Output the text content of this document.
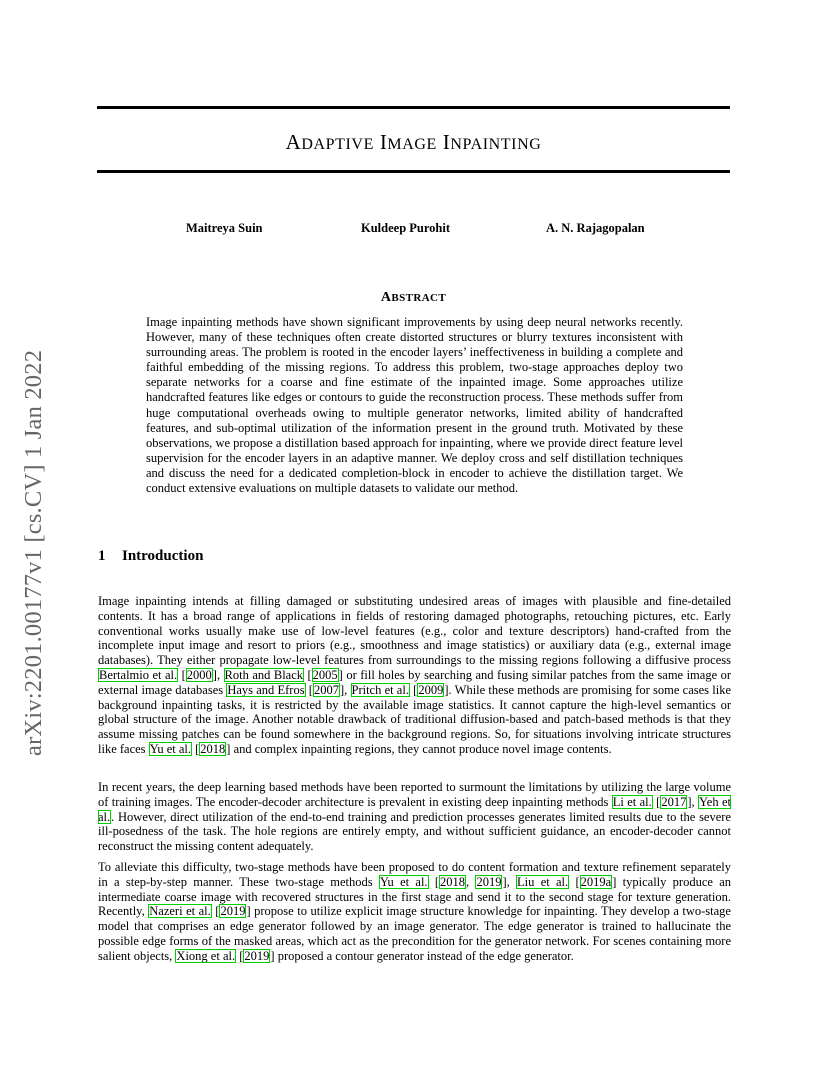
arXiv:2201.00177v1 [cs.CV] 1 Jan 2022
ADAPTIVE IMAGE INPAINTING
Maitreya Suin	Kuldeep Purohit	A. N. Rajagopalan
ABSTRACT
Image inpainting methods have shown significant improvements by using deep neural networks recently. However, many of these techniques often create distorted structures or blurry textures inconsistent with surrounding areas. The problem is rooted in the encoder layers’ ineffectiveness in building a complete and faithful embedding of the missing regions. To address this problem, two-stage approaches deploy two separate networks for a coarse and fine estimate of the inpainted image. Some approaches utilize handcrafted features like edges or contours to guide the reconstruction process. These methods suffer from huge computational overheads owing to multiple generator networks, limited ability of handcrafted features, and sub-optimal utilization of the information present in the ground truth. Motivated by these observations, we propose a distillation based approach for inpainting, where we provide direct feature level supervision for the encoder layers in an adaptive manner. We deploy cross and self distillation techniques and discuss the need for a dedicated completion-block in encoder to achieve the distillation target. We conduct extensive evaluations on multiple datasets to validate our method.
1 Introduction
Image inpainting intends at filling damaged or substituting undesired areas of images with plausible and fine-detailed contents. It has a broad range of applications in fields of restoring damaged photographs, retouching pictures, etc. Early conventional works usually make use of low-level features (e.g., color and texture descriptors) hand-crafted from the incomplete input image and resort to priors (e.g., smoothness and image statistics) or auxiliary data (e.g., external image databases). They either propagate low-level features from surroundings to the missing regions following a diffusive process Bertalmio et al. [2000], Roth and Black [2005] or fill holes by searching and fusing similar patches from the same image or external image databases Hays and Efros [2007], Pritch et al. [2009]. While these methods are promising for some cases like background inpainting tasks, it is restricted by the available image statistics. It cannot capture the high-level semantics or global structure of the image. Another notable drawback of traditional diffusion-based and patch-based methods is that they assume missing patches can be found somewhere in the background regions. So, for situations involving intricate structures like faces Yu et al. [2018] and complex inpainting regions, they cannot produce novel image contents.
In recent years, the deep learning based methods have been reported to surmount the limitations by utilizing the large volume of training images. The encoder-decoder architecture is prevalent in existing deep inpainting methods Li et al. [2017], Yeh et al.. However, direct utilization of the end-to-end training and prediction processes generates limited results due to the severe ill-posedness of the task. The hole regions are entirely empty, and without sufficient guidance, an encoder-decoder cannot reconstruct the missing content adequately.
To alleviate this difficulty, two-stage methods have been proposed to do content formation and texture refinement separately in a step-by-step manner. These two-stage methods Yu et al. [2018, 2019], Liu et al. [2019a] typically produce an intermediate coarse image with recovered structures in the first stage and send it to the second stage for texture generation. Recently, Nazeri et al. [2019] propose to utilize explicit image structure knowledge for inpainting. They develop a two-stage model that comprises an edge generator followed by an image generator. The edge generator is trained to hallucinate the possible edge forms of the masked areas, which act as the precondition for the generator network. For scenes containing more salient objects, Xiong et al. [2019] proposed a contour generator instead of the edge generator.
